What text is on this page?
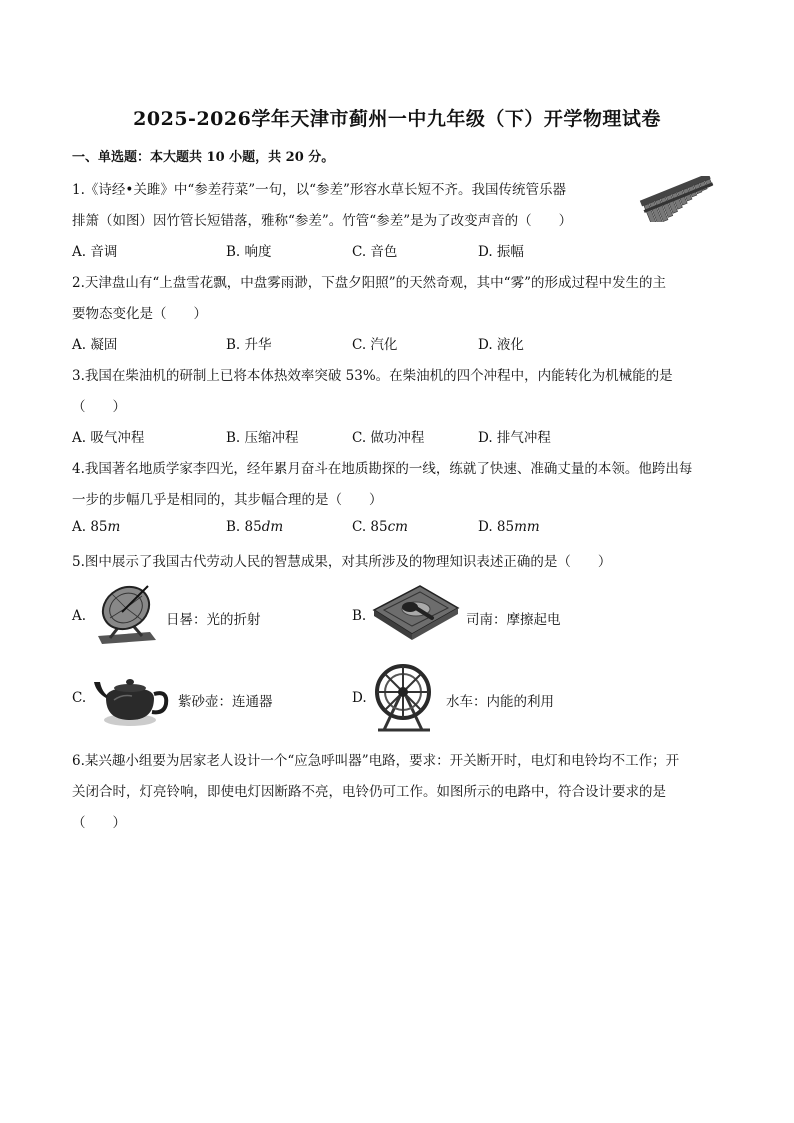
2025-2026学年天津市蓟州一中九年级（下）开学物理试卷
一、单选题：本大题共 10 小题，共 20 分。
1.《诗经•关雎》中“参差荇菜”一句，以“参差”形容水草长短不齐。我国传统管乐器
排箫（如图）因竹管长短错落，雅称“参差”。竹管“参差”是为了改变声音的（　　）
A. 音调	B. 响度	C. 音色	D. 振幅
2.天津盘山有“上盘雪花飘，中盘雾雨渺，下盘夕阳照”的天然奇观，其中“雾”的形成过程中发生的主
要物态变化是（　　）
A. 凝固	B. 升华	C. 汽化	D. 液化
3.我国在柴油机的研制上已将本体热效率突破 53%。在柴油机的四个冲程中，内能转化为机械能的是
（　　）
A. 吸气冲程	B. 压缩冲程	C. 做功冲程	D. 排气冲程
4.我国著名地质学家李四光，经年累月奋斗在地质勘探的一线，练就了快速、准确丈量的本领。他跨出每
一步的步幅几乎是相同的，其步幅合理的是（　　）
A. 85m	B. 85dm	C. 85cm	D. 85mm
5.图中展示了我国古代劳动人民的智慧成果，对其所涉及的物理知识表述正确的是（　　）
A.	日晷：光的折射	B.	司南：摩擦起电
C.	紫砂壶：连通器	D.	水车：内能的利用
6.某兴趣小组要为居家老人设计一个“应急呼叫器”电路，要求：开关断开时，电灯和电铃均不工作；开
关闭合时，灯亮铃响，即使电灯因断路不亮，电铃仍可工作。如图所示的电路中，符合设计要求的是
（　　）
